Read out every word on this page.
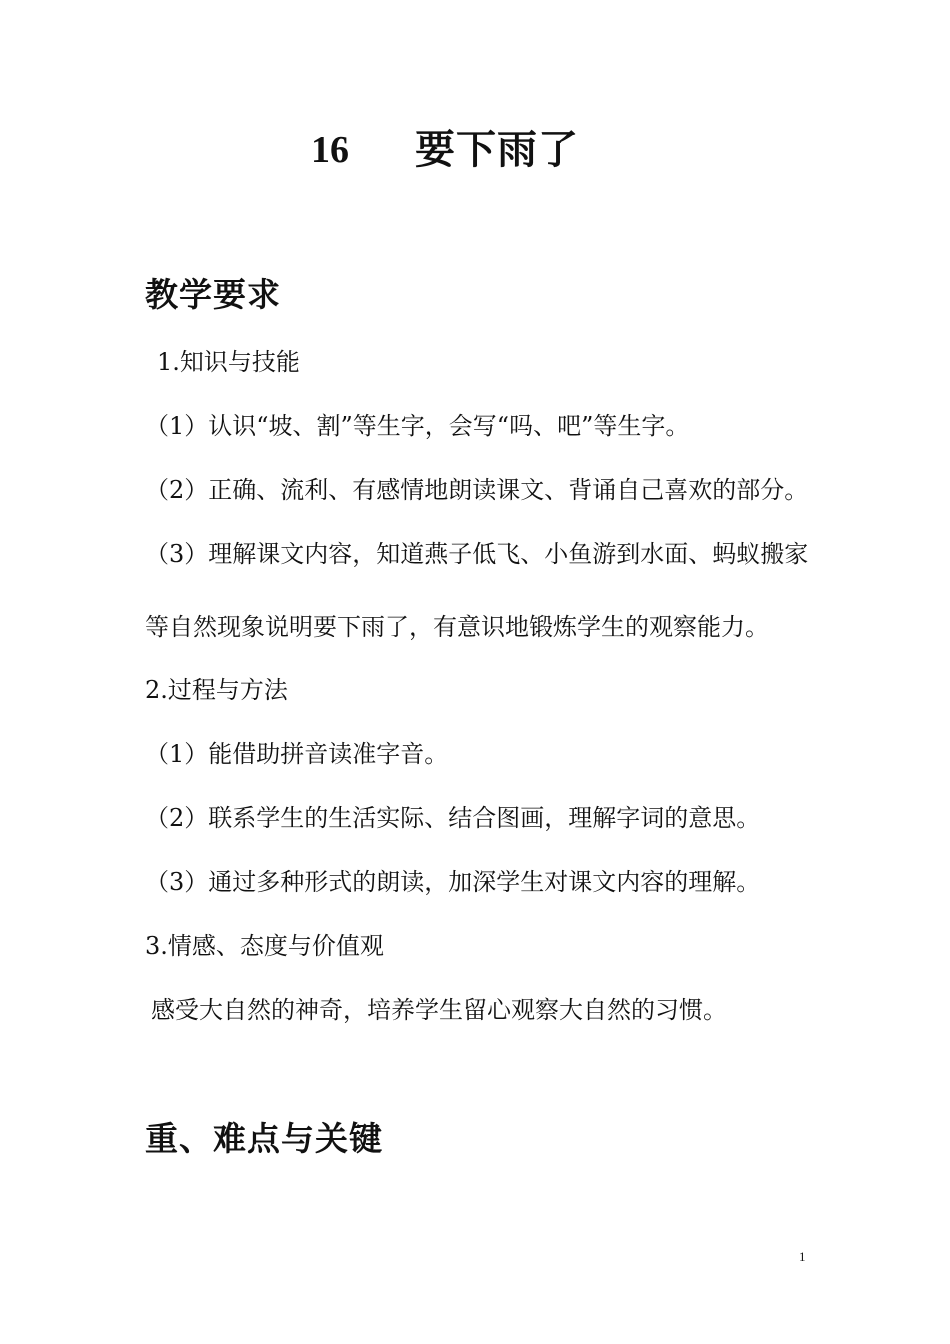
16 要下雨了
教学要求
1.知识与技能
（1）认识“坡、割”等生字，会写“吗、吧”等生字。
（2）正确、流利、有感情地朗读课文、背诵自己喜欢的部分。
（3）理解课文内容，知道燕子低飞、小鱼游到水面、蚂蚁搬家
等自然现象说明要下雨了，有意识地锻炼学生的观察能力。
2.过程与方法
（1）能借助拼音读准字音。
（2）联系学生的生活实际、结合图画，理解字词的意思。
（3）通过多种形式的朗读，加深学生对课文内容的理解。
3.情感、态度与价值观
感受大自然的神奇，培养学生留心观察大自然的习惯。
重、难点与关键
1
